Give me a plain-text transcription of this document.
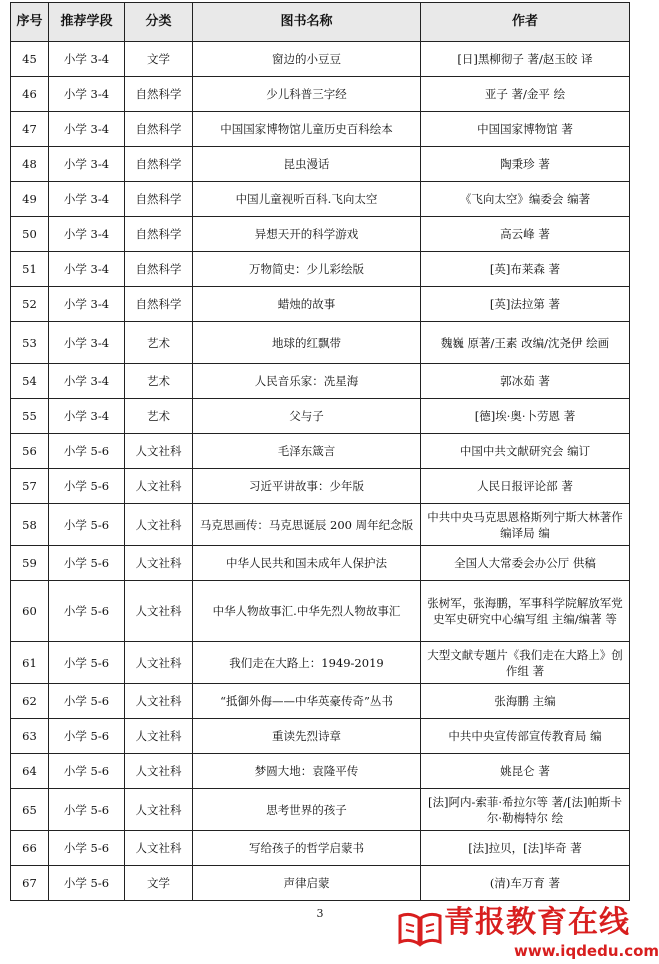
序号	推荐学段	分类	图书名称	作者
45	小学 3-4	文学	窗边的小豆豆	[日]黑柳彻子 著/赵玉皎 译
46	小学 3-4	自然科学	少儿科普三字经	亚子 著/金平 绘
47	小学 3-4	自然科学	中国国家博物馆儿童历史百科绘本	中国国家博物馆 著
48	小学 3-4	自然科学	昆虫漫话	陶秉珍 著
49	小学 3-4	自然科学	中国儿童视听百科.飞向太空	《飞向太空》编委会 编著
50	小学 3-4	自然科学	异想天开的科学游戏	高云峰 著
51	小学 3-4	自然科学	万物简史：少儿彩绘版	[英]布莱森 著
52	小学 3-4	自然科学	蜡烛的故事	[英]法拉第 著
53	小学 3-4	艺术	地球的红飘带	魏巍 原著/王素 改编/沈尧伊 绘画
54	小学 3-4	艺术	人民音乐家：冼星海	郭冰茹 著
55	小学 3-4	艺术	父与子	[德]埃·奥·卜劳恩 著
56	小学 5-6	人文社科	毛泽东箴言	中国中共文献研究会 编订
57	小学 5-6	人文社科	习近平讲故事：少年版	人民日报评论部 著
58	小学 5-6	人文社科	马克思画传：马克思诞辰 200 周年纪念版	中共中央马克思恩格斯列宁斯大林著作编译局 编
59	小学 5-6	人文社科	中华人民共和国未成年人保护法	全国人大常委会办公厅 供稿
60	小学 5-6	人文社科	中华人物故事汇.中华先烈人物故事汇	张树军，张海鹏，军事科学院解放军党史军史研究中心编写组 主编/编著 等
61	小学 5-6	人文社科	我们走在大路上：1949-2019	大型文献专题片《我们走在大路上》创作组 著
62	小学 5-6	人文社科	“抵御外侮——中华英豪传奇”丛书	张海鹏 主编
63	小学 5-6	人文社科	重读先烈诗章	中共中央宣传部宣传教育局 编
64	小学 5-6	人文社科	梦圆大地：袁隆平传	姚昆仑 著
65	小学 5-6	人文社科	思考世界的孩子	[法]阿内-索菲·希拉尔等 著/[法]帕斯卡尔·勒梅特尔 绘
66	小学 5-6	人文社科	写给孩子的哲学启蒙书	[法]拉贝，[法]毕奇 著
67	小学 5-6	文学	声律启蒙	(清)车万育 著
3	青报教育在线
www.iqdedu.com
